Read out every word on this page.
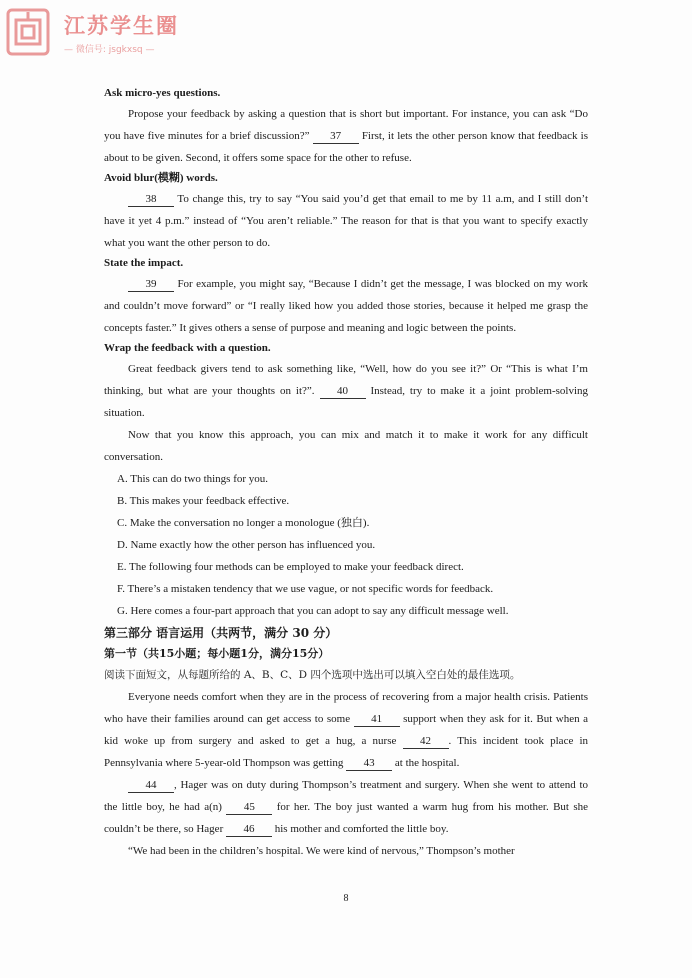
江苏学生圈
— 微信号: jsgkxsq —

Ask micro-yes questions.

Propose your feedback by asking a question that is short but important. For instance, you can ask “Do you have five minutes for a brief discussion?” 37 First, it lets the other person know that feedback is about to be given. Second, it offers some space for the other to refuse.

Avoid blur(模糊) words.

38 To change this, try to say “You said you’d get that email to me by 11 a.m, and I still don’t have it yet 4 p.m.” instead of “You aren’t reliable.” The reason for that is that you want to specify exactly what you want the other person to do.

State the impact.

39 For example, you might say, “Because I didn’t get the message, I was blocked on my work and couldn’t move forward” or “I really liked how you added those stories, because it helped me grasp the concepts faster.” It gives others a sense of purpose and meaning and logic between the points.

Wrap the feedback with a question.

Great feedback givers tend to ask something like, “Well, how do you see it?” Or “This is what I’m thinking, but what are your thoughts on it?”. 40 Instead, try to make it a joint problem-solving situation.

Now that you know this approach, you can mix and match it to make it work for any difficult conversation.

A. This can do two things for you.

B. This makes your feedback effective.

C. Make the conversation no longer a monologue (独白).

D. Name exactly how the other person has influenced you.

E. The following four methods can be employed to make your feedback direct.

F. There’s a mistaken tendency that we use vague, or not specific words for feedback.

G. Here comes a four-part approach that you can adopt to say any difficult message well.

第三部分 语言运用（共两节，满分 30 分）

第一节（共15小题；每小题1分，满分15分）

阅读下面短文，从每题所给的 A、B、C、D 四个选项中选出可以填入空白处的最佳选项。

Everyone needs comfort when they are in the process of recovering from a major health crisis. Patients who have their families around can get access to some 41 support when they ask for it. But when a kid woke up from surgery and asked to get a hug, a nurse 42 . This incident took place in Pennsylvania where 5-year-old Thompson was getting 43 at the hospital.

44 , Hager was on duty during Thompson’s treatment and surgery. When she went to attend to the little boy, he had a(n) 45 for her. The boy just wanted a warm hug from his mother. But she couldn’t be there, so Hager 46 his mother and comforted the little boy.

“We had been in the children’s hospital. We were kind of nervous,” Thompson’s mother

8
